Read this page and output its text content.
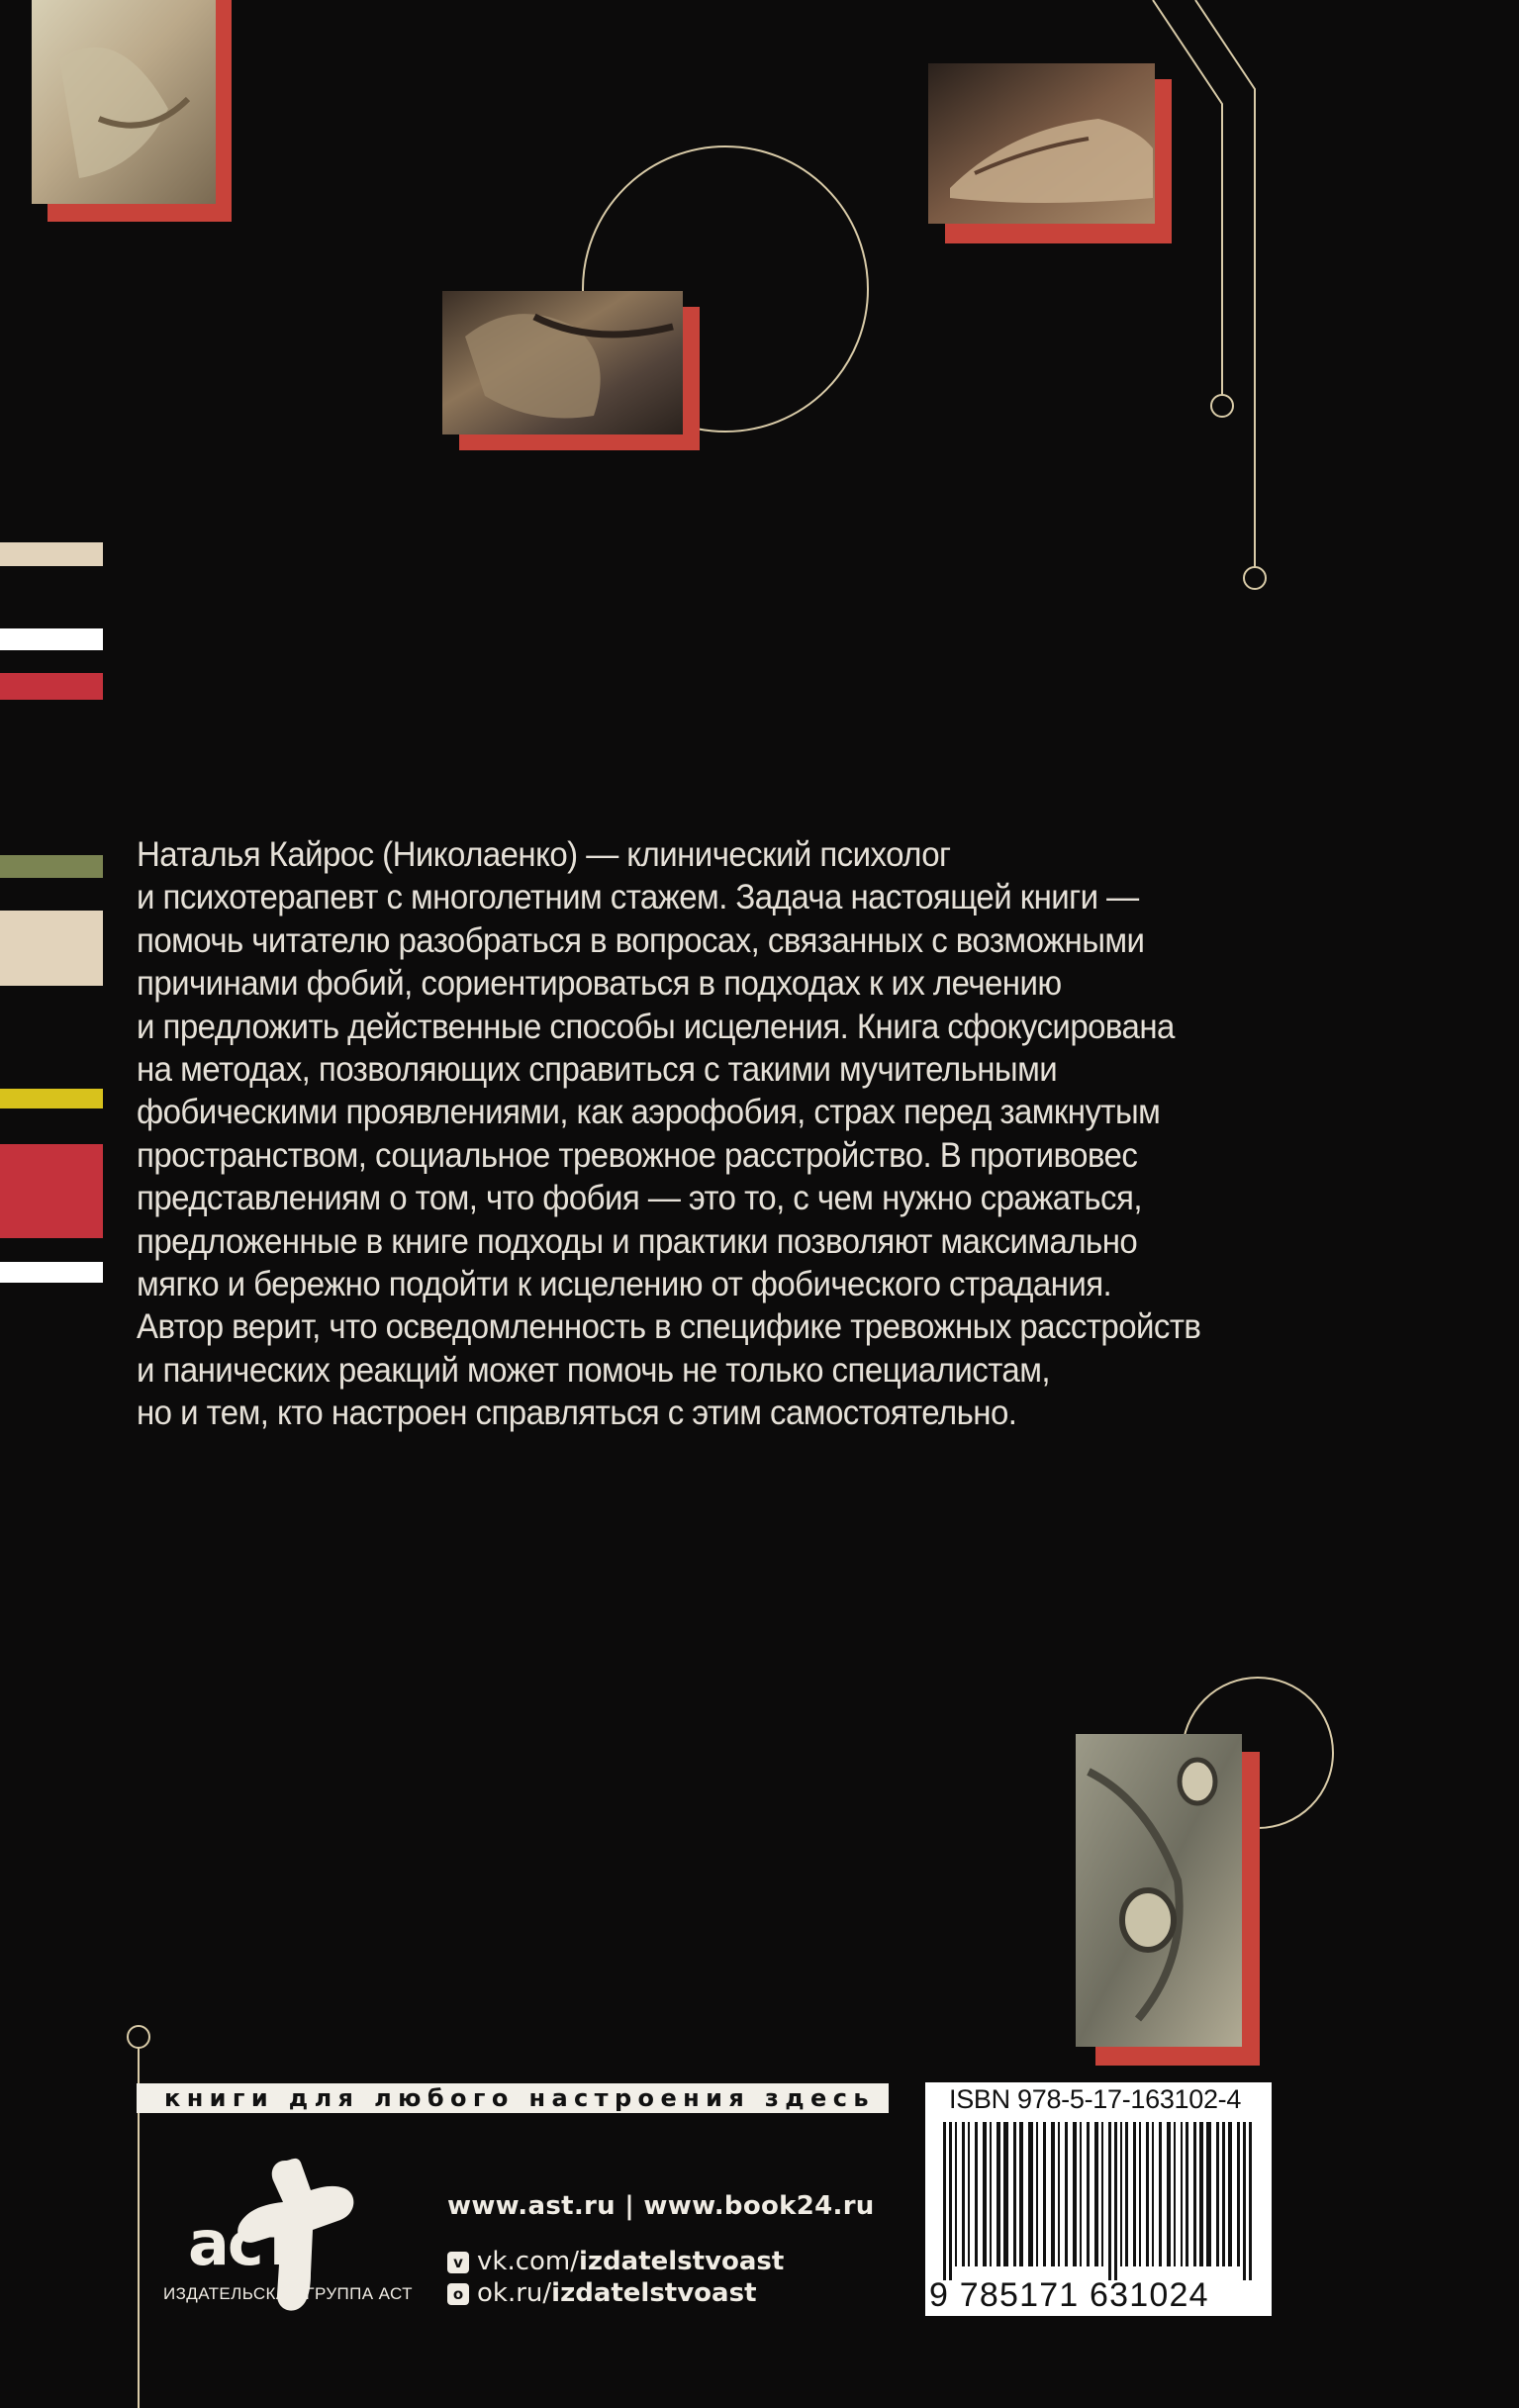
аст

Наталья Кайрос (Николаенко) — клинический психолог
и психотерапевт с многолетним стажем. Задача настоящей книги —
помочь читателю разобраться в вопросах, связанных с возможными
причинами фобий, сориентироваться в подходах к их лечению
и предложить действенные способы исцеления. Книга сфокусирована
на методах, позволяющих справиться с такими мучительными
фобическими проявлениями, как аэрофобия, страх перед замкнутым
пространством, социальное тревожное расстройство. В противовес
представлениям о том, что фобия — это то, с чем нужно сражаться,
предложенные в книге подходы и практики позволяют максимально
мягко и бережно подойти к исцелению от фобического страдания.
Автор верит, что осведомленность в специфике тревожных расстройств
и панических реакций может помочь не только специалистам,
но и тем, кто настроен справляться с этим самостоятельно.

книги для любого настроения здесь
ИЗДАТЕЛЬСКАЯ ГРУППА АСТ
www.ast.ru | www.book24.ru
v vk.com/izdatelstvoast
o ok.ru/izdatelstvoast
ISBN 978-5-17-163102-4
9 785171 631024
